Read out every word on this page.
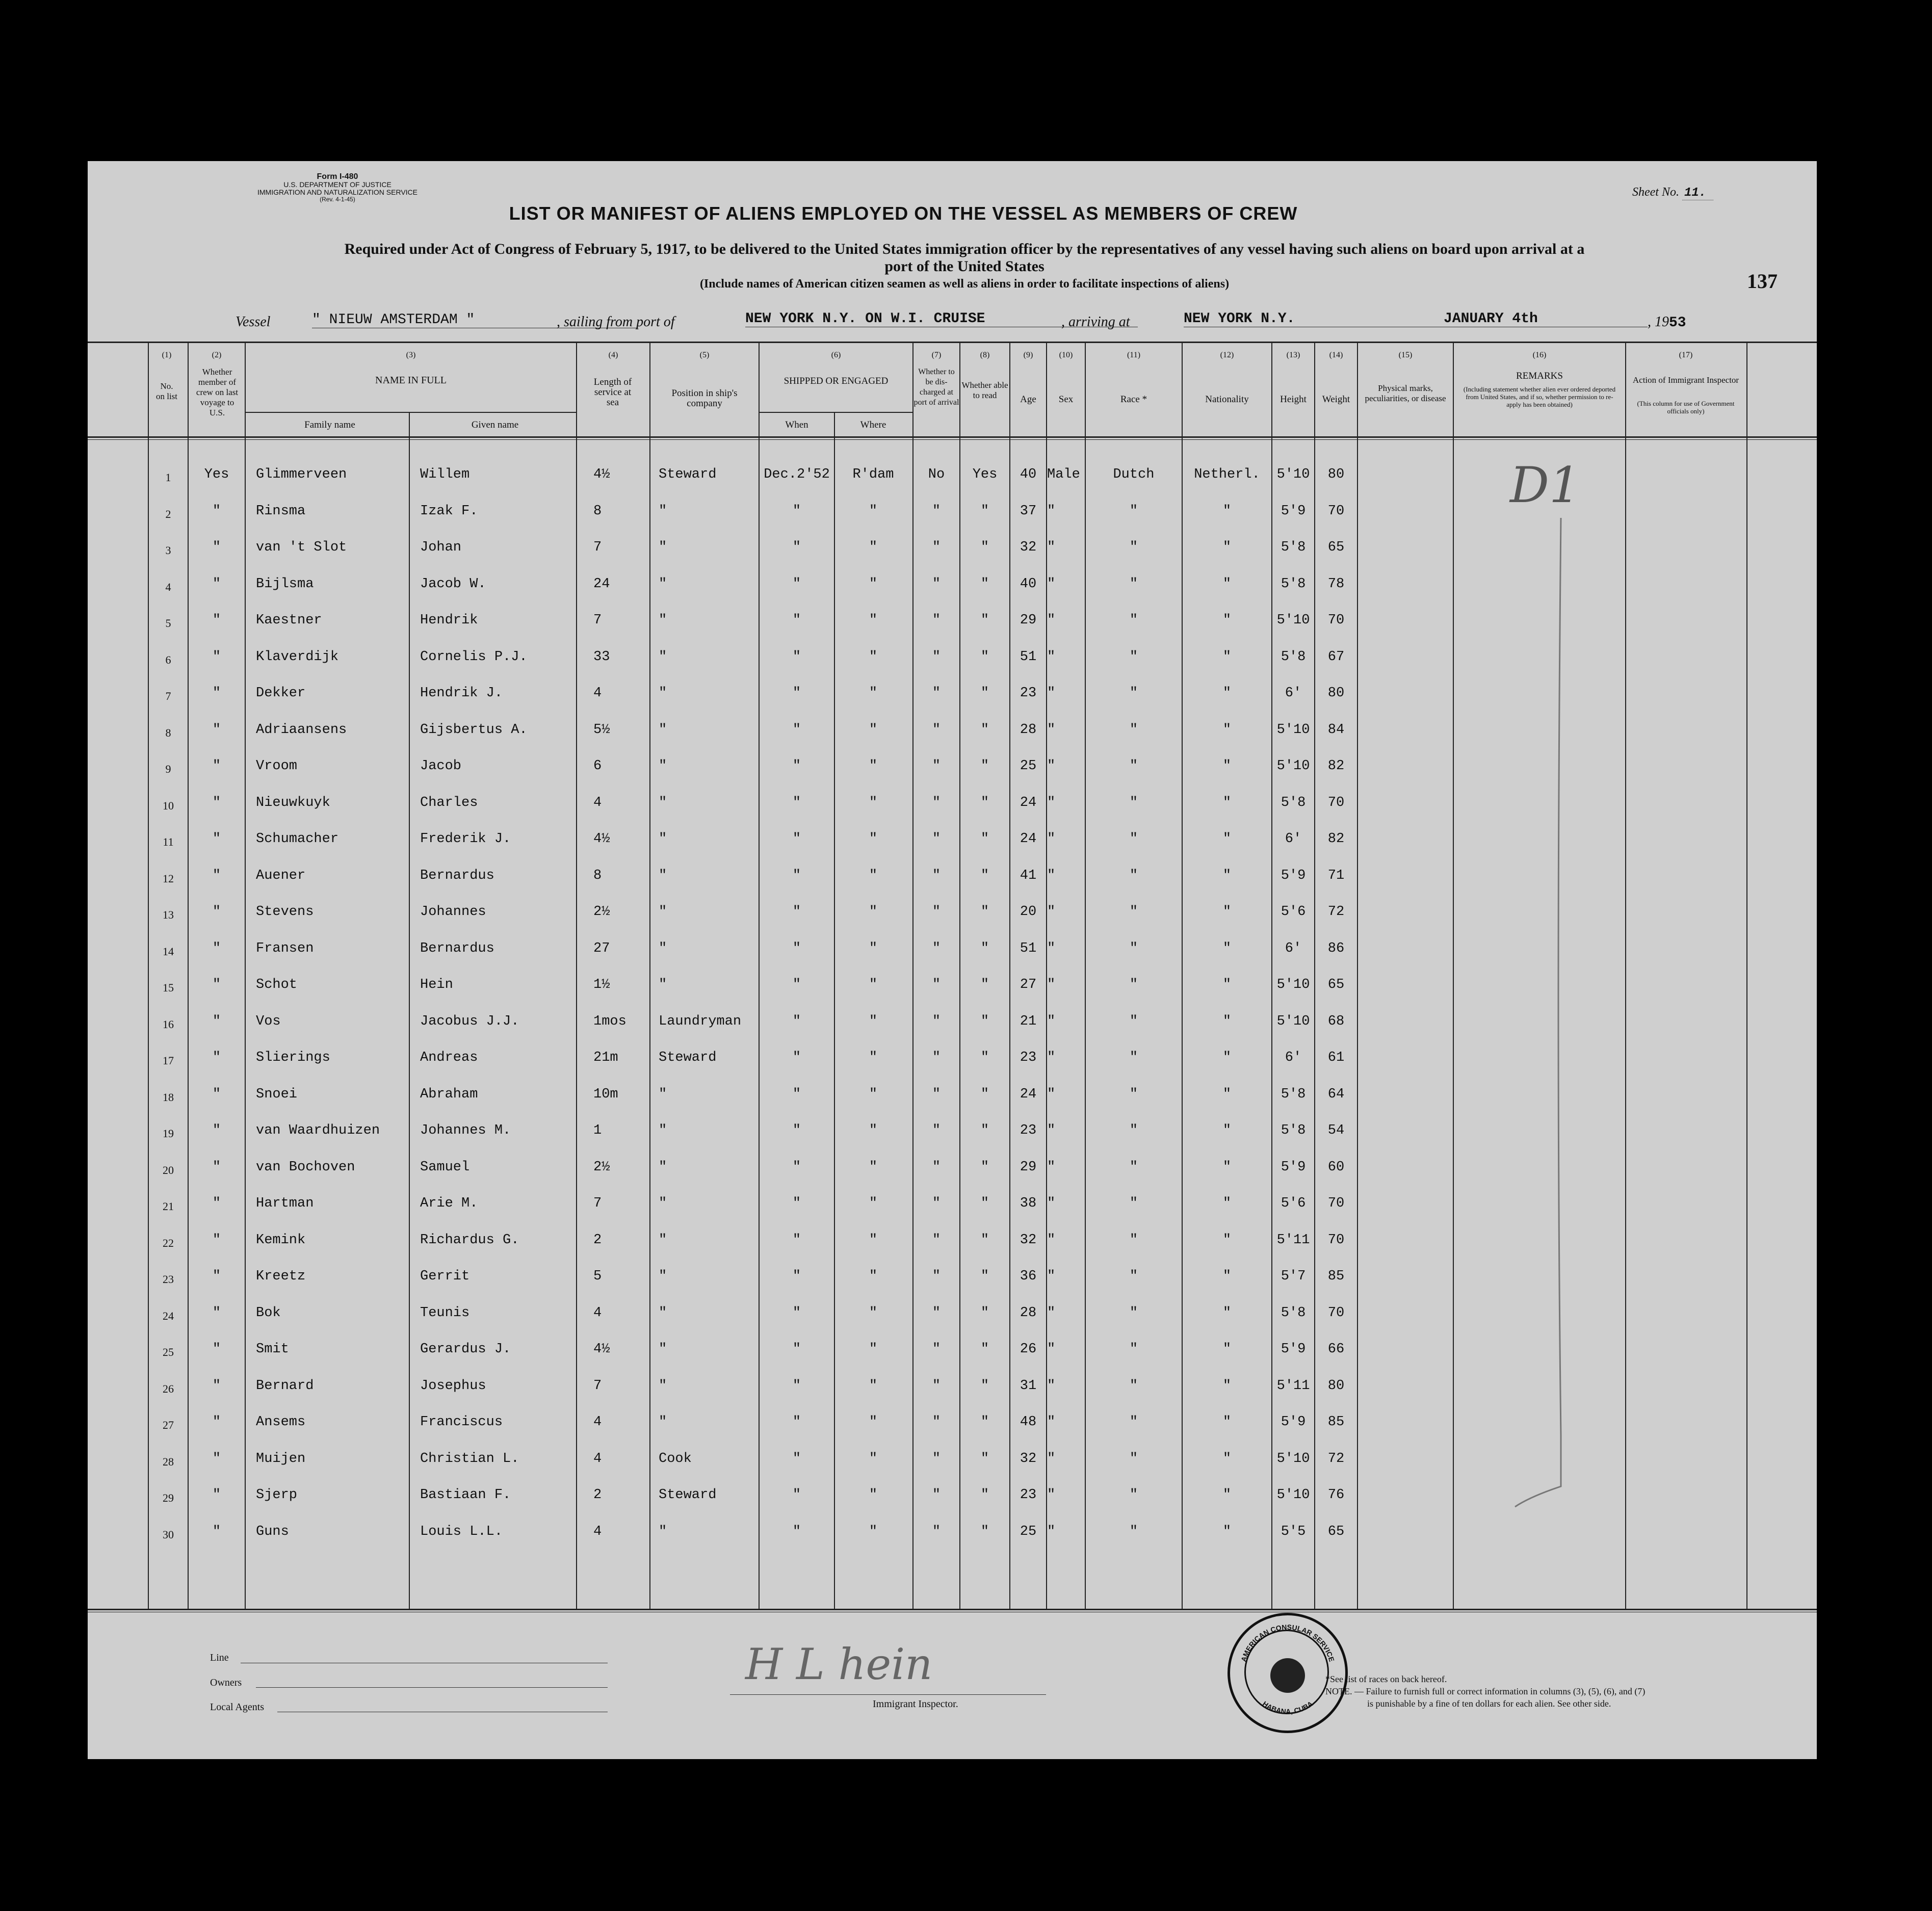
Form I-480
U.S. DEPARTMENT OF JUSTICE
IMMIGRATION AND NATURALIZATION SERVICE
(Rev. 4-1-45)
Sheet No. 11.
LIST OR MANIFEST OF ALIENS EMPLOYED ON THE VESSEL AS MEMBERS OF CREW
Required under Act of Congress of February 5, 1917, to be delivered to the United States immigration officer by the representatives of any vessel having such aliens on board upon arrival at a
port of the United States
(Include names of American citizen seamen as well as aliens in order to facilitate inspections of aliens)	137
Vessel	" NIEUW AMSTERDAM "	, sailing from port of	NEW YORK N.Y. ON W.I. CRUISE	, arriving at	NEW YORK N.Y.	JANUARY 4th	, 1953
(1)
No. on list
(2)
Whether member of crew on last voyage to U.S.
(3)
NAME IN FULL
Family name	Given name
(4)
Length of service at sea
(5)
Position in ship's company
(6)
SHIPPED OR ENGAGED
When	Where
(7)
Whether to be dis-charged at port of arrival
(8)
Whether able to read
(9)
Age
(10)
Sex
(11)
Race *
(12)
Nationality
(13)
Height
(14)
Weight
(15)
Physical marks, peculiarities, or disease
(16)
REMARKS
(Including statement whether alien ever ordered deported from United States, and if so, whether permission to re-apply has been obtained)
(17)
Action of Immigrant Inspector
(This column for use of Government officials only)
1	Yes	Glimmerveen	Willem	4½	Steward	Dec.2'52	R'dam	No	Yes	40 Male	Dutch	Netherl.	5'10	80
2	"	Rinsma	Izak F.	8	"	"	"	"	"	37 "	"	"	5'9	70
3	"	van 't Slot	Johan	7	"	"	"	"	"	32 "	"	"	5'8	65
4	"	Bijlsma	Jacob W.	24	"	"	"	"	"	40 "	"	"	5'8	78
5	"	Kaestner	Hendrik	7	"	"	"	"	"	29 "	"	"	5'10	70
6	"	Klaverdijk	Cornelis P.J.	33	"	"	"	"	"	51 "	"	"	5'8	67
7	"	Dekker	Hendrik J.	4	"	"	"	"	"	23 "	"	"	6'	80
8	"	Adriaansens	Gijsbertus A.	5½	"	"	"	"	"	28 "	"	"	5'10	84
9	"	Vroom	Jacob	6	"	"	"	"	"	25 "	"	"	5'10	82
10	"	Nieuwkuyk	Charles	4	"	"	"	"	"	24 "	"	"	5'8	70
11	"	Schumacher	Frederik J.	4½	"	"	"	"	"	24 "	"	"	6'	82
12	"	Auener	Bernardus	8	"	"	"	"	"	41 "	"	"	5'9	71
13	"	Stevens	Johannes	2½	"	"	"	"	"	20 "	"	"	5'6	72
14	"	Fransen	Bernardus	27	"	"	"	"	"	51 "	"	"	6'	86
15	"	Schot	Hein	1½	"	"	"	"	"	27 "	"	"	5'10	65
16	"	Vos	Jacobus J.J.	1mos	Laundryman	"	"	"	"	21 "	"	"	5'10	68
17	"	Slierings	Andreas	21m	Steward	"	"	"	"	23 "	"	"	6'	61
18	"	Snoei	Abraham	10m	"	"	"	"	"	24 "	"	"	5'8	64
19	"	van Waardhuizen	Johannes M.	1	"	"	"	"	"	23 "	"	"	5'8	54
20	"	van Bochoven	Samuel	2½	"	"	"	"	"	29 "	"	"	5'9	60
21	"	Hartman	Arie M.	7	"	"	"	"	"	38 "	"	"	5'6	70
22	"	Kemink	Richardus G.	2	"	"	"	"	"	32 "	"	"	5'11	70
23	"	Kreetz	Gerrit	5	"	"	"	"	"	36 "	"	"	5'7	85
24	"	Bok	Teunis	4	"	"	"	"	"	28 "	"	"	5'8	70
25	"	Smit	Gerardus J.	4½	"	"	"	"	"	26 "	"	"	5'9	66
26	"	Bernard	Josephus	7	"	"	"	"	"	31 "	"	"	5'11	80
27	"	Ansems	Franciscus	4	"	"	"	"	"	48 "	"	"	5'9	85
28	"	Muijen	Christian L.	4	Cook	"	"	"	"	32 "	"	"	5'10	72
29	"	Sjerp	Bastiaan F.	2	Steward	"	"	"	"	23 "	"	"	5'10	76
30	"	Guns	Louis L.L.	4	"	"	"	"	"	25 "	"	"	5'5	65
D1
Line
Owners
Local Agents
H L hein
Immigrant Inspector.
*See list of races on back hereof.
NOTE. — Failure to furnish full or correct information in columns (3), (5), (6), and (7)
is punishable by a fine of ten dollars for each alien. See other side.
AMERICAN CONSULAR SERVICE
HABANA, CUBA
